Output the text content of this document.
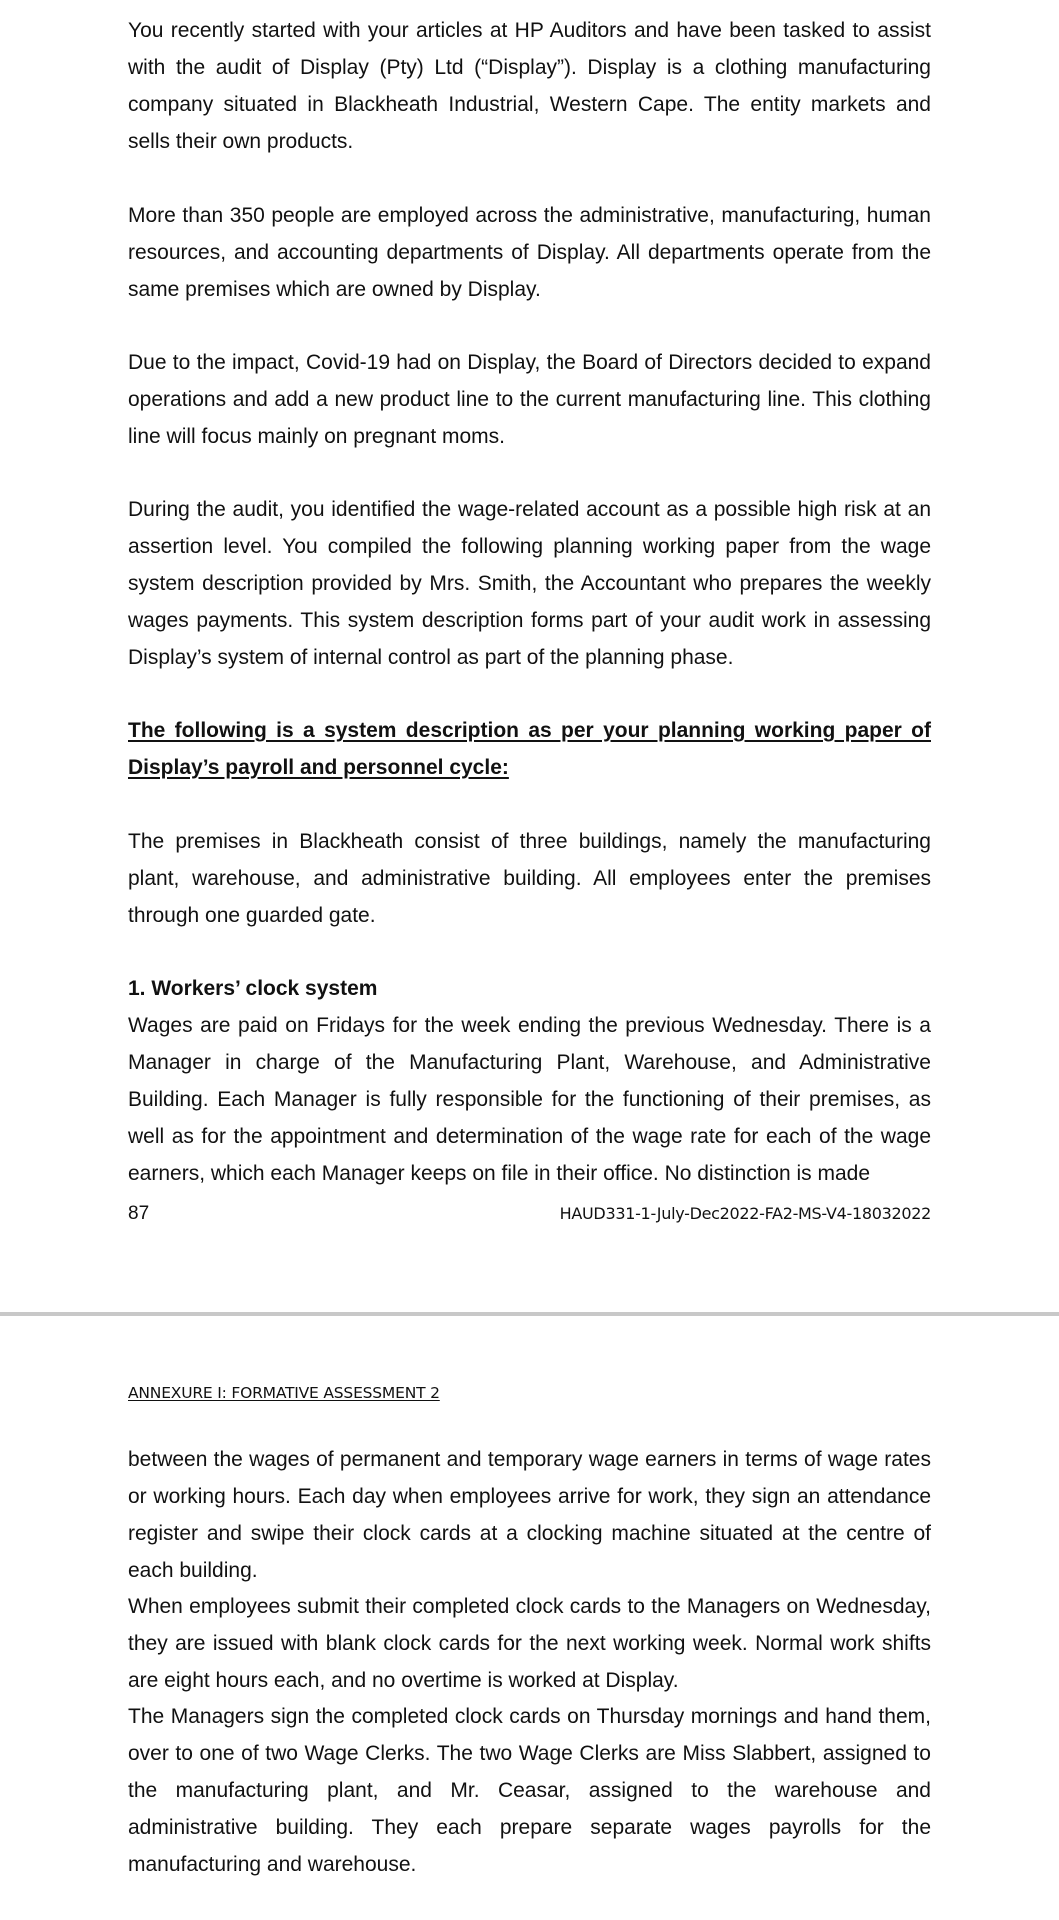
You recently started with your articles at HP Auditors and have been tasked to assist with the audit of Display (Pty) Ltd (“Display”). Display is a clothing manufacturing company situated in Blackheath Industrial, Western Cape. The entity markets and sells their own products.

More than 350 people are employed across the administrative, manufacturing, human resources, and accounting departments of Display. All departments operate from the same premises which are owned by Display.

Due to the impact, Covid-19 had on Display, the Board of Directors decided to expand operations and add a new product line to the current manufacturing line. This clothing line will focus mainly on pregnant moms.

During the audit, you identified the wage-related account as a possible high risk at an assertion level. You compiled the following planning working paper from the wage system description provided by Mrs. Smith, the Accountant who prepares the weekly wages payments. This system description forms part of your audit work in assessing Display’s system of internal control as part of the planning phase.

The following is a system description as per your planning working paper of Display’s payroll and personnel cycle:

The premises in Blackheath consist of three buildings, namely the manufacturing plant, warehouse, and administrative building. All employees enter the premises through one guarded gate.

1. Workers’ clock system

Wages are paid on Fridays for the week ending the previous Wednesday. There is a Manager in charge of the Manufacturing Plant, Warehouse, and Administrative Building. Each Manager is fully responsible for the functioning of their premises, as well as for the appointment and determination of the wage rate for each of the wage earners, which each Manager keeps on file in their office. No distinction is made

87	HAUD331-1-July-Dec2022-FA2-MS-V4-18032022
ANNEXURE I: FORMATIVE ASSESSMENT 2

between the wages of permanent and temporary wage earners in terms of wage rates or working hours. Each day when employees arrive for work, they sign an attendance register and swipe their clock cards at a clocking machine situated at the centre of each building.

When employees submit their completed clock cards to the Managers on Wednesday, they are issued with blank clock cards for the next working week. Normal work shifts are eight hours each, and no overtime is worked at Display.

The Managers sign the completed clock cards on Thursday mornings and hand them, over to one of two Wage Clerks. The two Wage Clerks are Miss Slabbert, assigned to the manufacturing plant, and Mr. Ceasar, assigned to the warehouse and administrative building. They each prepare separate wages payrolls for the manufacturing and warehouse.
